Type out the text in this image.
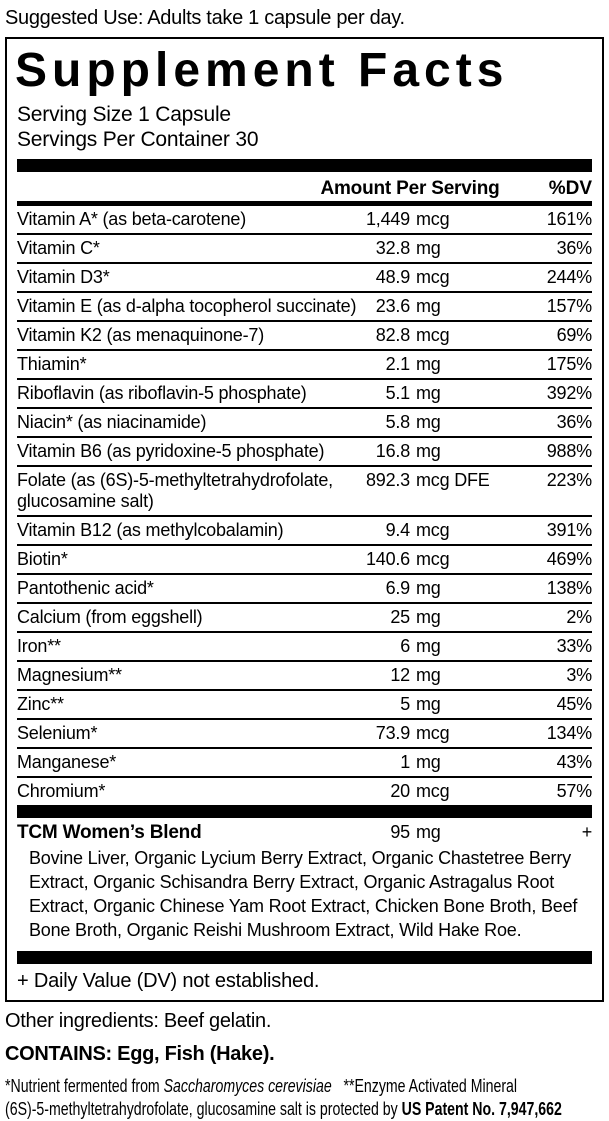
Suggested Use: Adults take 1 capsule per day.
Supplement Facts
Serving Size 1 Capsule
Servings Per Container 30
Amount Per Serving	%DV
Vitamin A* (as beta-carotene)	1,449 mcg	161%
Vitamin C*	32.8 mg	36%
Vitamin D3*	48.9 mcg	244%
Vitamin E (as d-alpha tocopherol succinate)	23.6 mg	157%
Vitamin K2 (as menaquinone-7)	82.8 mcg	69%
Thiamin*	2.1 mg	175%
Riboflavin (as riboflavin-5 phosphate)	5.1 mg	392%
Niacin* (as niacinamide)	5.8 mg	36%
Vitamin B6 (as pyridoxine-5 phosphate)	16.8 mg	988%
Folate (as (6S)-5-methyltetrahydrofolate, glucosamine salt)
892.3 mcg DFE	223%
Vitamin B12 (as methylcobalamin)	9.4 mcg	391%
Biotin*	140.6 mcg	469%
Pantothenic acid*	6.9 mg	138%
Calcium (from eggshell)	25 mg	2%
Iron**	6 mg	33%
Magnesium**	12 mg	3%
Zinc**	5 mg	45%
Selenium*	73.9 mcg	134%
Manganese*	1 mg	43%
Chromium*	20 mcg	57%
TCM Women’s Blend	95 mg	+
Bovine Liver, Organic Lycium Berry Extract, Organic Chastetree Berry Extract, Organic Schisandra Berry Extract, Organic Astragalus Root Extract, Organic Chinese Yam Root Extract, Chicken Bone Broth, Beef Bone Broth, Organic Reishi Mushroom Extract, Wild Hake Roe.
+ Daily Value (DV) not established.
Other ingredients: Beef gelatin.
CONTAINS: Egg, Fish (Hake).
*Nutrient fermented from Saccharomyces cerevisiae   **Enzyme Activated Mineral
(6S)-5-methyltetrahydrofolate, glucosamine salt is protected by US Patent No. 7,947,662
